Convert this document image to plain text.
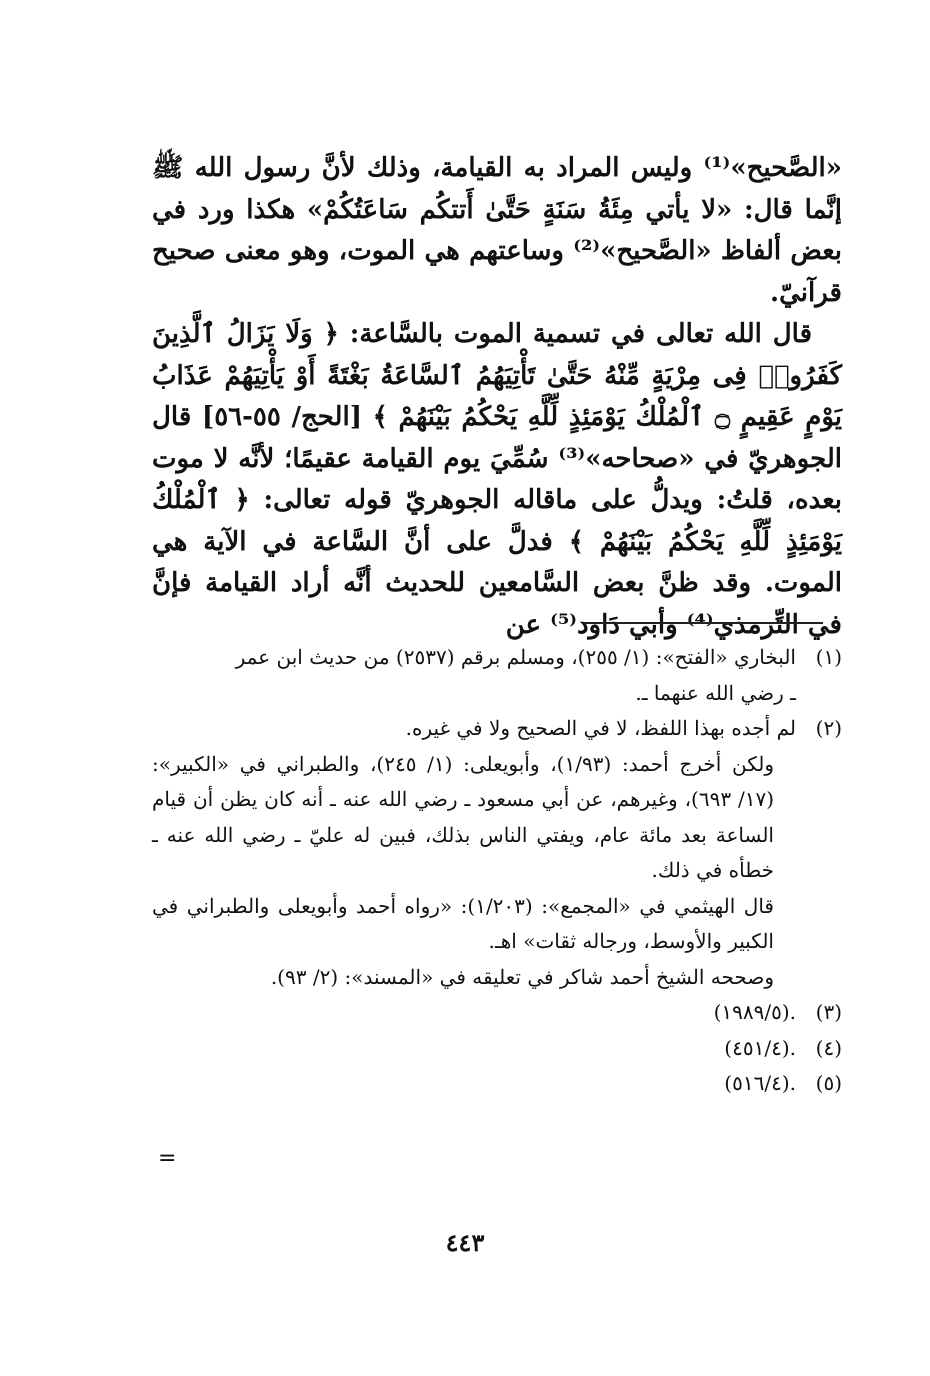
«الصَّحيح»⁽¹⁾ وليس المراد به القيامة، وذلك لأنَّ رسول الله ﷺ إنَّما قال: «لا يأتي مِئَةُ سَنَةٍ حَتَّىٰ أَتتكُم سَاعَتُكُمْ» هكذا ورد في بعض ألفاظ «الصَّحيح»⁽²⁾ وساعتهم هي الموت، وهو معنى صحيح قرآنيّ.

قال الله تعالى في تسمية الموت بالسَّاعة: ﴿ وَلَا يَزَالُ ٱلَّذِينَ كَفَرُوا۟ فِى مِرْيَةٍ مِّنْهُ حَتَّىٰ تَأْتِيَهُمُ ٱلسَّاعَةُ بَغْتَةً أَوْ يَأْتِيَهُمْ عَذَابُ يَوْمٍ عَقِيمٍ ۝ ٱلْمُلْكُ يَوْمَئِذٍ لِّلَّهِ يَحْكُمُ بَيْنَهُمْ ﴾ [الحج/ ٥٥-٥٦] قال الجوهريّ في «صحاحه»⁽³⁾ سُمِّيَ يوم القيامة عقيمًا؛ لأنَّه لا موت بعده، قلتُ: ويدلُّ على ماقاله الجوهريّ قوله تعالى: ﴿ ٱلْمُلْكُ يَوْمَئِذٍ لِّلَّهِ يَحْكُمُ بَيْنَهُمْ ﴾ فدلَّ على أنَّ السَّاعة في الآية هي الموت. وقد ظنَّ بعض السَّامعين للحديث أنَّه أراد القيامة فإنَّ في التِّرمذي⁽⁴⁾ وأبي دَاود⁽⁵⁾ عن

(١)
البخاري «الفتح»: (١/ ٢٥٥)، ومسلم برقم (٢٥٣٧) من حديث ابن عمر
ـ رضي الله عنهما ـ.
(٢)
لم أجده بهذا اللفظ، لا في الصحيح ولا في غيره.
ولكن أخرج أحمد: (١/٩٣)، وأبويعلى: (١/ ٢٤٥)، والطبراني في «الكبير»: (١٧/ ٦٩٣)، وغيرهم، عن أبي مسعود ـ رضي الله عنه ـ أنه كان يظن أن قيام الساعة بعد مائة عام، ويفتي الناس بذلك، فبين له عليّ ـ رضي الله عنه ـ خطأه في ذلك.
قال الهيثمي في «المجمع»: (١/٢٠٣): «رواه أحمد وأبويعلى والطبراني في الكبير والأوسط، ورجاله ثقات» اهـ.
وصححه الشيخ أحمد شاكر في تعليقه في «المسند»: (٢/ ٩٣).
(٣)
.(١٩٨٩/٥)
(٤)
.(٤٥١/٤)
(٥)
.(٥١٦/٤)
=
٤٤٣
